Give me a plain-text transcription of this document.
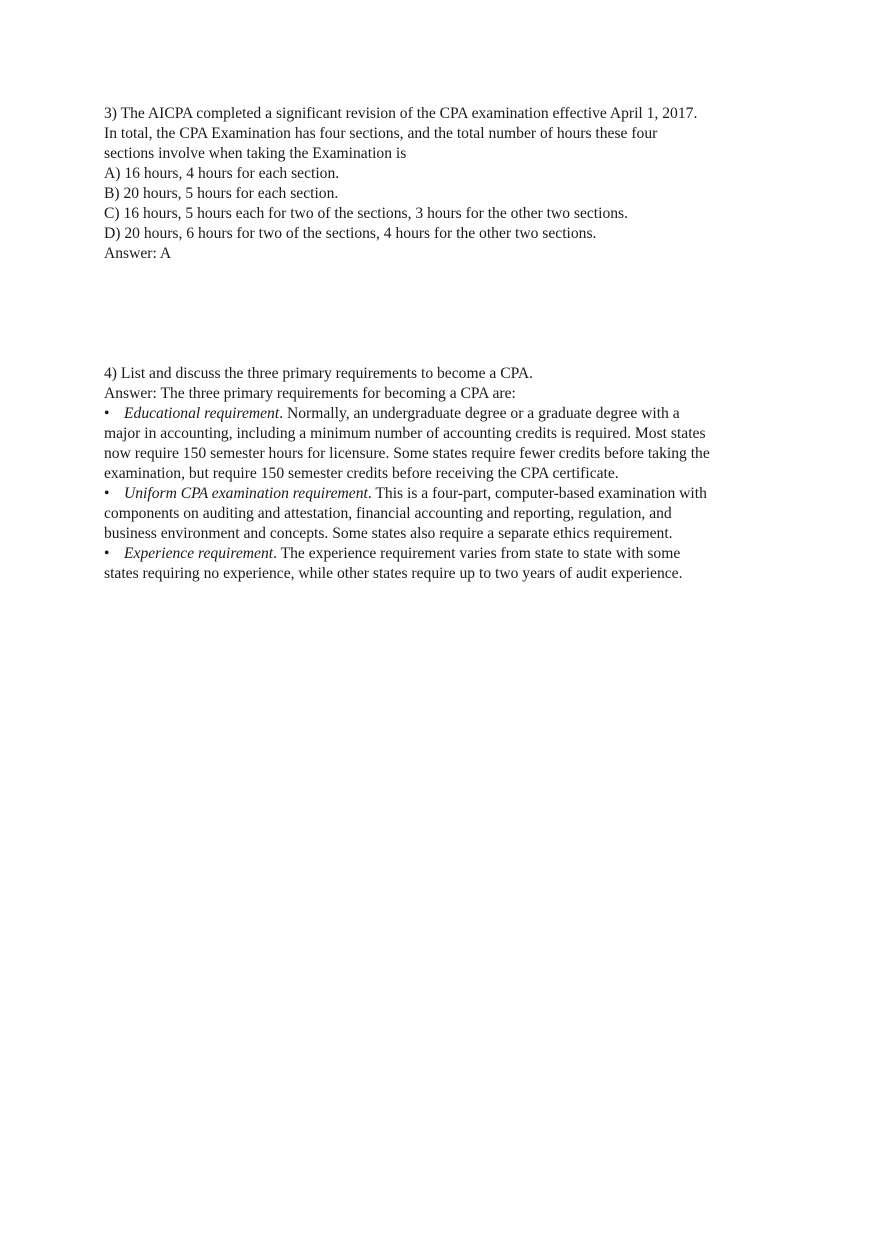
3) The AICPA completed a significant revision of the CPA examination effective April 1, 2017.
In total, the CPA Examination has four sections, and the total number of hours these four
sections involve when taking the Examination is
A) 16 hours, 4 hours for each section.
B) 20 hours, 5 hours for each section.
C) 16 hours, 5 hours each for two of the sections, 3 hours for the other two sections.
D) 20 hours, 6 hours for two of the sections, 4 hours for the other two sections.
Answer: A
4) List and discuss the three primary requirements to become a CPA.
Answer: The three primary requirements for becoming a CPA are:
• Educational requirement. Normally, an undergraduate degree or a graduate degree with a
major in accounting, including a minimum number of accounting credits is required. Most states
now require 150 semester hours for licensure. Some states require fewer credits before taking the
examination, but require 150 semester credits before receiving the CPA certificate.
• Uniform CPA examination requirement. This is a four-part, computer-based examination with
components on auditing and attestation, financial accounting and reporting, regulation, and
business environment and concepts. Some states also require a separate ethics requirement.
• Experience requirement. The experience requirement varies from state to state with some
states requiring no experience, while other states require up to two years of audit experience.
